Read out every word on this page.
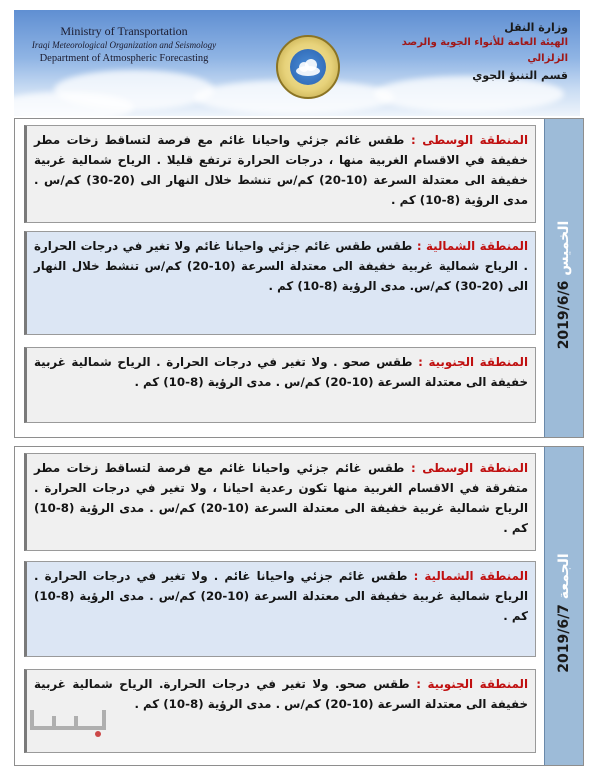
Ministry of Transportation
Iraqi Meteorological Organization and Seismology
Department of Atmospheric Forecasting
وزارة النقل
الهيئة العامة للأنواء الجوية والرصد الزلزالي
قسم التنبؤ الجوي
المنطقة الوسطى : طقس غائم جزئي واحيانا غائم مع فرصة لتساقط زخات مطر خفيفة في الاقسام الغربية منها ، درجات الحرارة ترتفع قليلا . الرياح شمالية غربية خفيفة الى معتدلة السرعة (10-20) كم/س تنشط خلال النهار الى (20-30) كم/س . مدى الرؤية (8-10) كم .
المنطقة الشمالية : طقس طقس غائم جزئي واحيانا غائم ولا تغير في درجات الحرارة . الرياح شمالية غربية خفيفة الى معتدلة السرعة (10-20) كم/س تنشط خلال النهار الى (20-30) كم/س. مدى الرؤية (8-10) كم .
المنطقة الجنوبية : طقس صحو . ولا تغير في درجات الحرارة . الرياح شمالية غربية خفيفة الى معتدلة السرعة (10-20) كم/س . مدى الرؤية (8-10) كم .
الخميس 2019/6/6
المنطقة الوسطى : طقس غائم جزئي واحيانا غائم مع فرصة لتساقط زخات مطر متفرقة في الاقسام الغربية منها تكون رعدية احيانا ، ولا تغير في درجات الحرارة . الرياح شمالية غربية خفيفة الى معتدلة السرعة (10-20) كم/س . مدى الرؤية (8-10) كم .
المنطقة الشمالية : طقس غائم جزئي واحيانا غائم . ولا تغير في درجات الحرارة . الرياح شمالية غربية خفيفة الى معتدلة السرعة (10-20) كم/س . مدى الرؤية (8-10) كم .
المنطقة الجنوبية : طقس صحو. ولا تغير في درجات الحرارة. الرياح شمالية غربية خفيفة الى معتدلة السرعة (10-20) كم/س . مدى الرؤية (8-10) كم .
الجمعة 2019/6/7
